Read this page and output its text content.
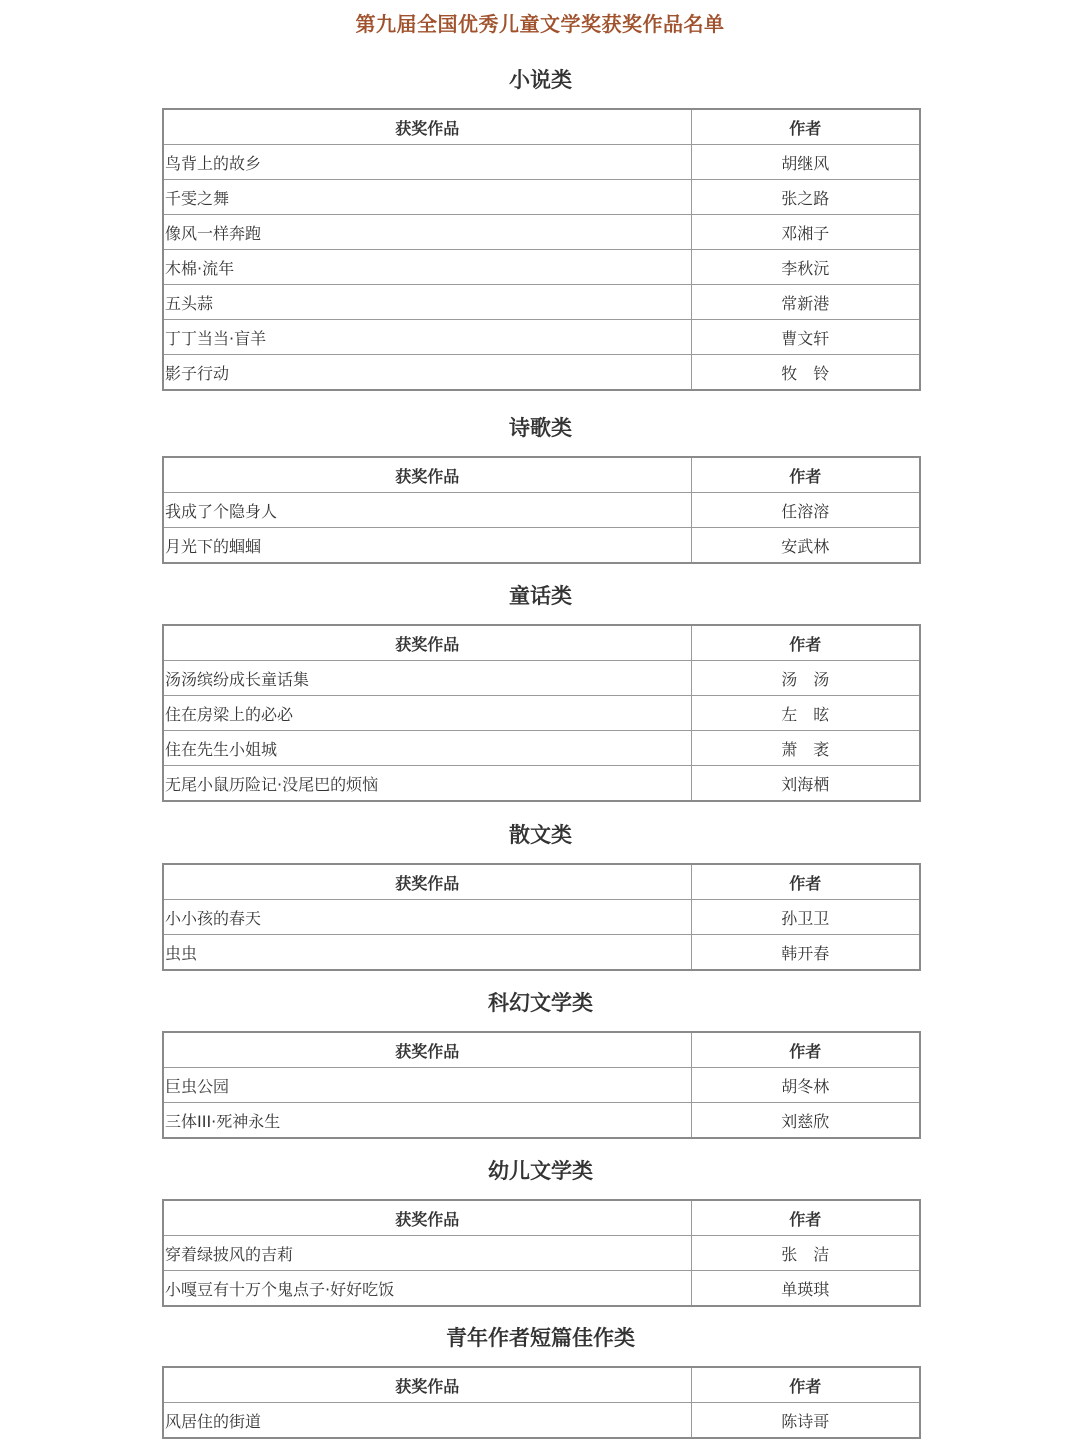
第九届全国优秀儿童文学奖获奖作品名单
小说类
获奖作品	作者
鸟背上的故乡	胡继风
千雯之舞	张之路
像风一样奔跑	邓湘子
木棉·流年	李秋沅
五头蒜	常新港
丁丁当当·盲羊	曹文轩
影子行动	牧　铃
诗歌类
获奖作品	作者
我成了个隐身人	任溶溶
月光下的蝈蝈	安武林
童话类
获奖作品	作者
汤汤缤纷成长童话集	汤　汤
住在房梁上的必必	左　昡
住在先生小姐城	萧　袤
无尾小鼠历险记·没尾巴的烦恼	刘海栖
散文类
获奖作品	作者
小小孩的春天	孙卫卫
虫虫	韩开春
科幻文学类
获奖作品	作者
巨虫公园	胡冬林
三体III·死神永生	刘慈欣
幼儿文学类
获奖作品	作者
穿着绿披风的吉莉	张　洁
小嘎豆有十万个鬼点子·好好吃饭	单瑛琪
青年作者短篇佳作类
获奖作品	作者
风居住的街道	陈诗哥
